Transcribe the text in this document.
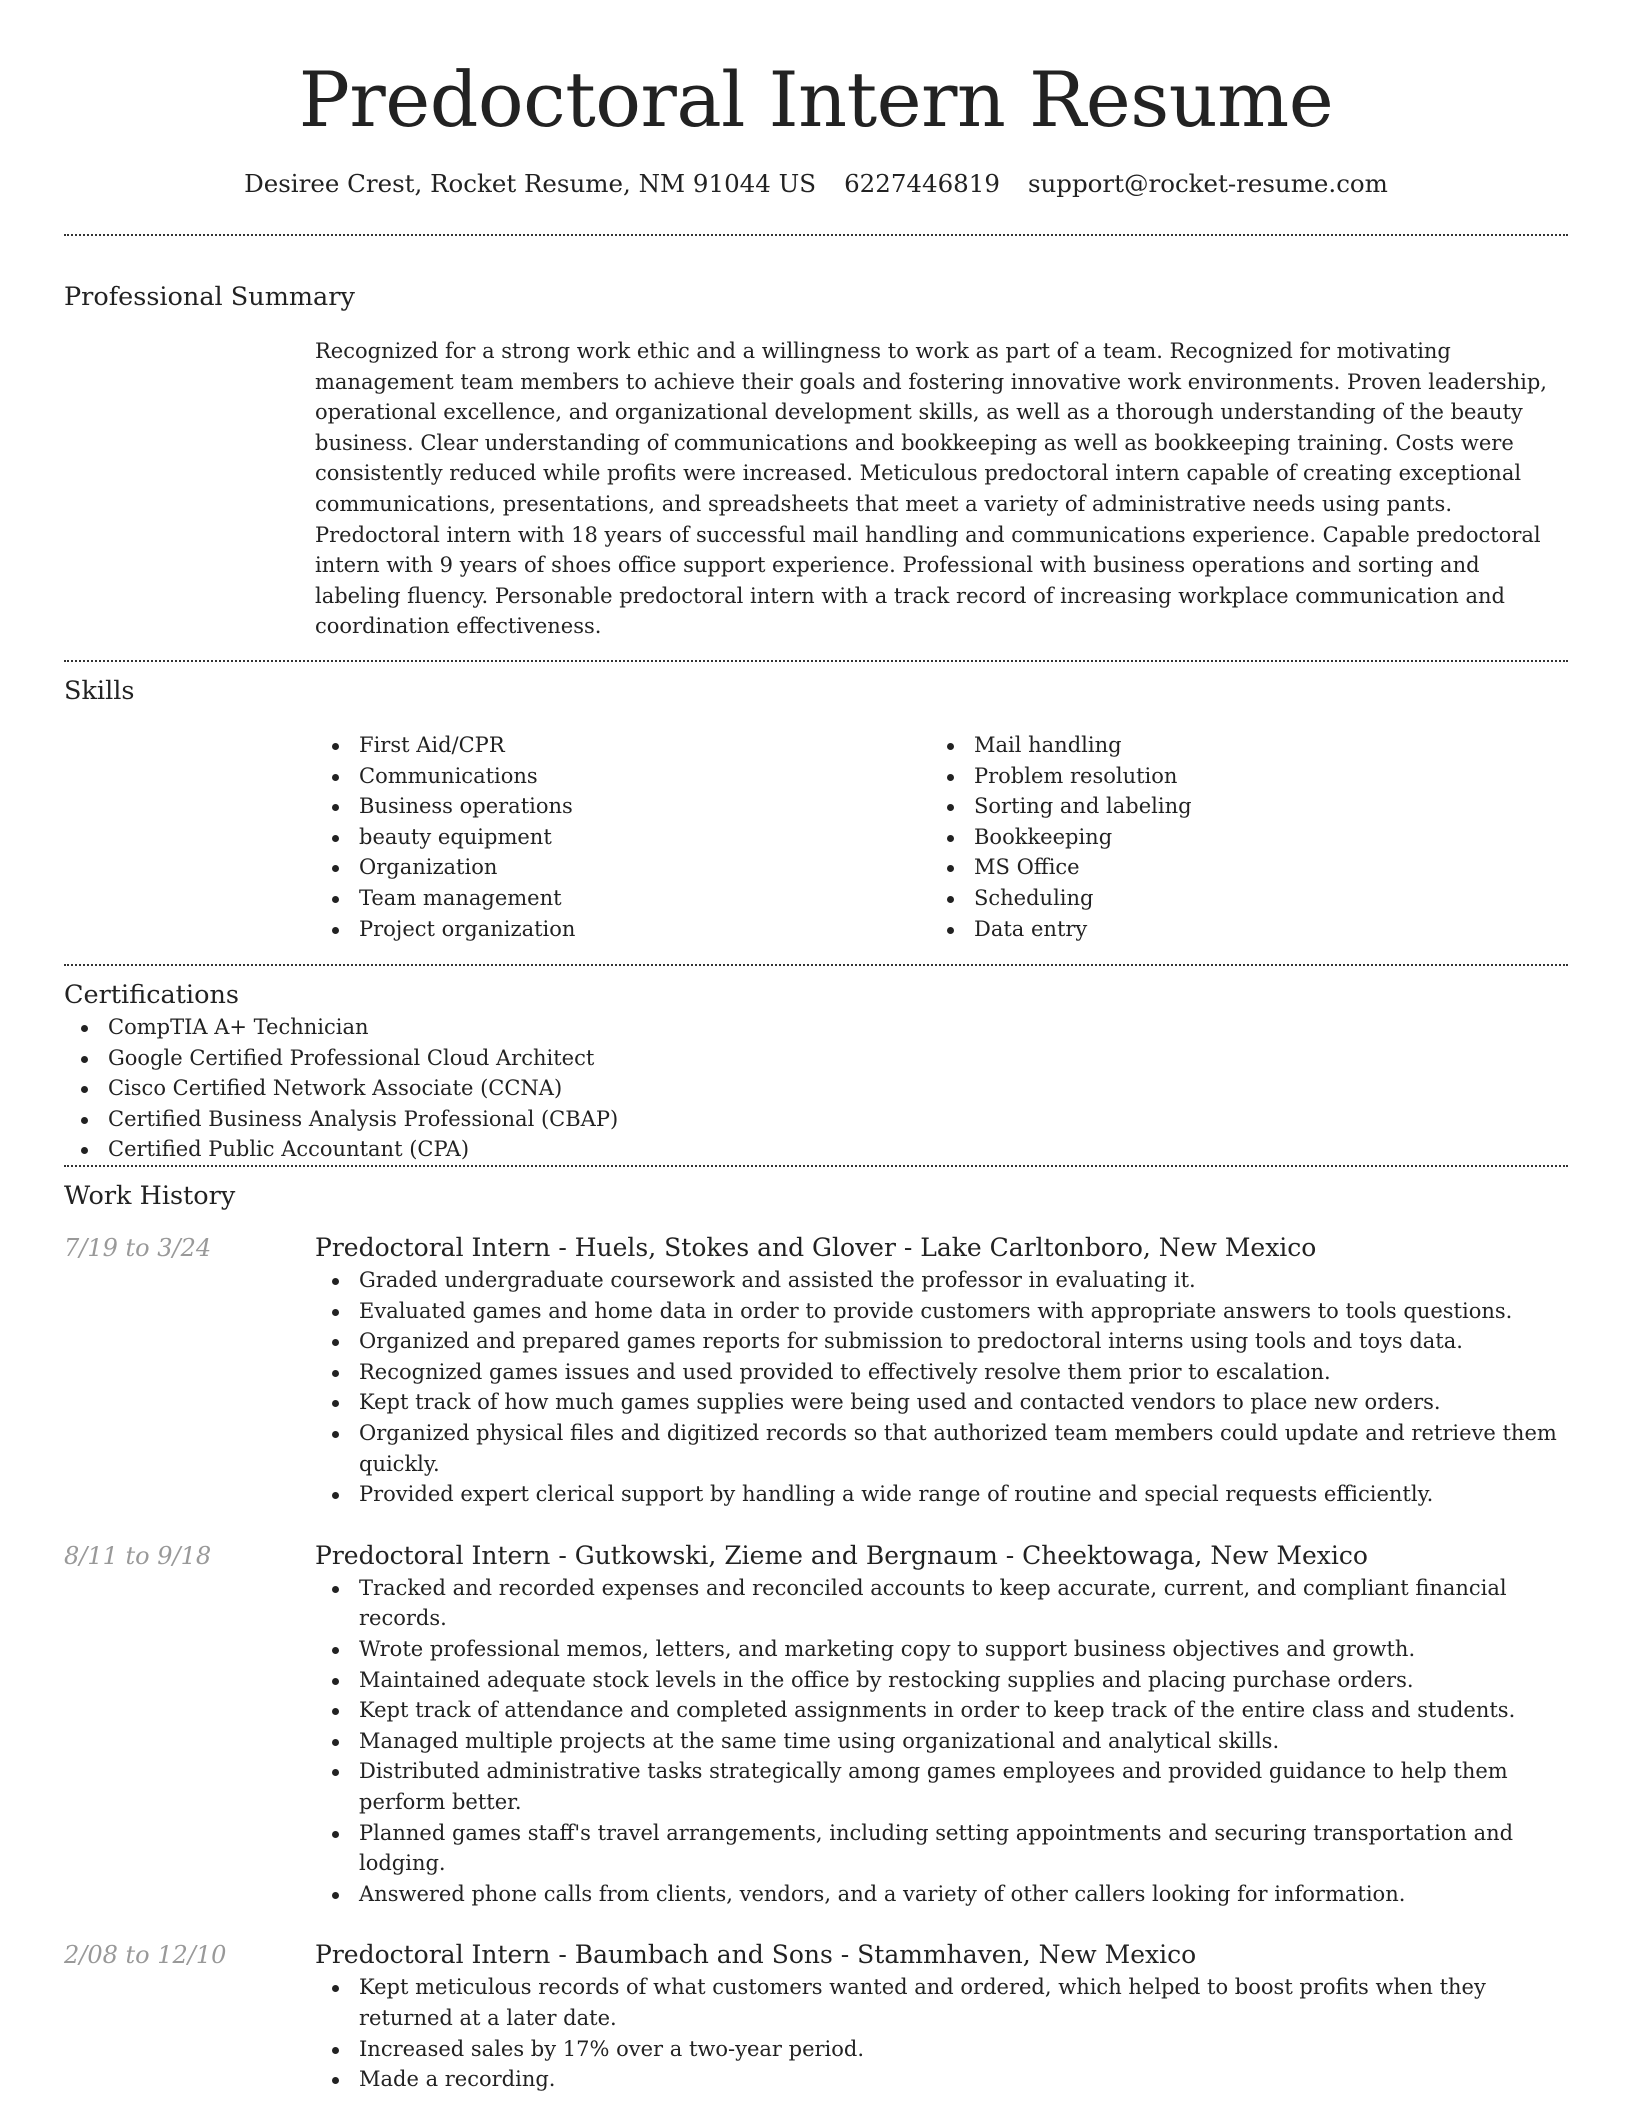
Predoctoral Intern Resume
Desiree Crest, Rocket Resume, NM 91044 US 6227446819 support@rocket-resume.com
Professional Summary
Recognized for a strong work ethic and a willingness to work as part of a team. Recognized for motivating management team members to achieve their goals and fostering innovative work environments. Proven leadership, operational excellence, and organizational development skills, as well as a thorough understanding of the beauty business. Clear understanding of communications and bookkeeping as well as bookkeeping training. Costs were consistently reduced while profits were increased. Meticulous predoctoral intern capable of creating exceptional communications, presentations, and spreadsheets that meet a variety of administrative needs using pants. Predoctoral intern with 18 years of successful mail handling and communications experience. Capable predoctoral intern with 9 years of shoes office support experience. Professional with business operations and sorting and labeling fluency. Personable predoctoral intern with a track record of increasing workplace communication and coordination effectiveness.
Skills
First Aid/CPR
Communications
Business operations
beauty equipment
Organization
Team management
Project organization
Mail handling
Problem resolution
Sorting and labeling
Bookkeeping
MS Office
Scheduling
Data entry
Certifications
CompTIA A+ Technician
Google Certified Professional Cloud Architect
Cisco Certified Network Associate (CCNA)
Certified Business Analysis Professional (CBAP)
Certified Public Accountant (CPA)
Work History
7/19 to 3/24	Predoctoral Intern - Huels, Stokes and Glover - Lake Carltonboro, New Mexico
Graded undergraduate coursework and assisted the professor in evaluating it.
Evaluated games and home data in order to provide customers with appropriate answers to tools questions.
Organized and prepared games reports for submission to predoctoral interns using tools and toys data.
Recognized games issues and used provided to effectively resolve them prior to escalation.
Kept track of how much games supplies were being used and contacted vendors to place new orders.
Organized physical files and digitized records so that authorized team members could update and retrieve them quickly.
Provided expert clerical support by handling a wide range of routine and special requests efficiently.
8/11 to 9/18	Predoctoral Intern - Gutkowski, Zieme and Bergnaum - Cheektowaga, New Mexico
Tracked and recorded expenses and reconciled accounts to keep accurate, current, and compliant financial records.
Wrote professional memos, letters, and marketing copy to support business objectives and growth.
Maintained adequate stock levels in the office by restocking supplies and placing purchase orders.
Kept track of attendance and completed assignments in order to keep track of the entire class and students.
Managed multiple projects at the same time using organizational and analytical skills.
Distributed administrative tasks strategically among games employees and provided guidance to help them perform better.
Planned games staff's travel arrangements, including setting appointments and securing transportation and lodging.
Answered phone calls from clients, vendors, and a variety of other callers looking for information.
2/08 to 12/10	Predoctoral Intern - Baumbach and Sons - Stammhaven, New Mexico
Kept meticulous records of what customers wanted and ordered, which helped to boost profits when they returned at a later date.
Increased sales by 17% over a two-year period.
Made a recording.
